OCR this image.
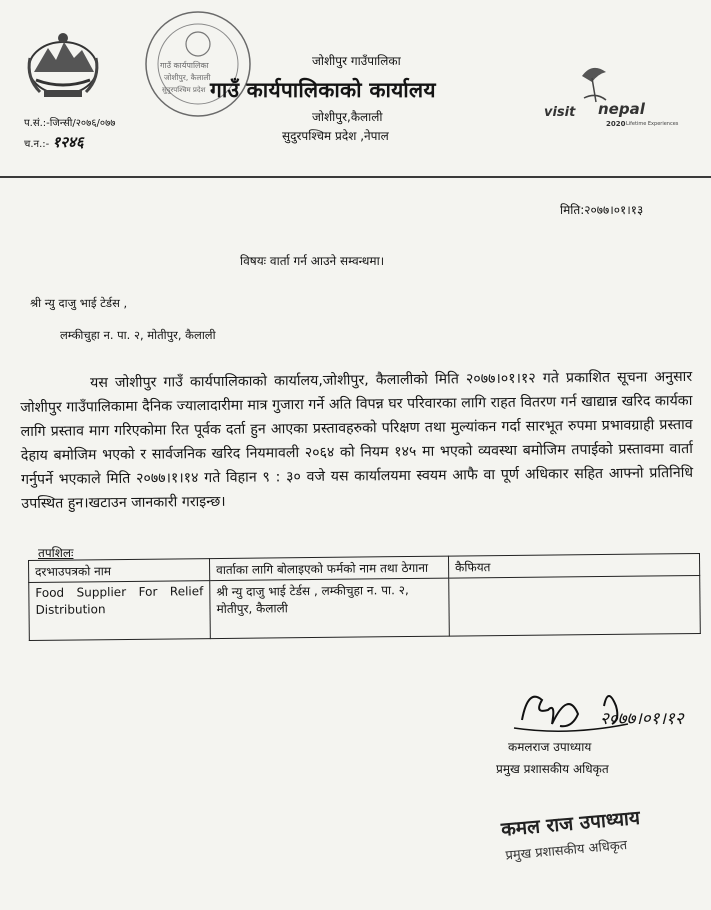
गाउँ कार्यपालिका
जोशीपुर, कैलाली
सुदुरपश्चिम प्रदेश
visit nepal
2020 Lifetime Experiences
जोशीपुर गाउँपालिका
गाउँ कार्यपालिकाको कार्यालय
जोशीपुर,कैलाली
सुदुरपश्चिम प्रदेश ,नेपाल
प.सं.:-जिन्सी/२०७६/०७७
च.न.:- १२४६
मिति:२०७७।०१।१३
विषयः वार्ता गर्न आउने सम्वन्धमा।
श्री न्यु दाजु भाई टेर्डस ,
लम्कीचुहा न. पा. २, मोतीपुर, कैलाली
यस जोशीपुर गाउँ कार्यपालिकाको कार्यालय,जोशीपुर, कैलालीको मिति २०७७।०१।१२ गते प्रकाशित सूचना अनुसार जोशीपुर गाउँपालिकामा दैनिक ज्यालादारीमा मात्र गुजारा गर्ने अति विपन्न घर परिवारका लागि राहत वितरण गर्न खाद्यान्न खरिद कार्यका लागि प्रस्ताव माग गरिएकोमा रित पूर्वक दर्ता हुन आएका प्रस्तावहरुको परिक्षण तथा मुल्यांकन गर्दा सारभूत रुपमा प्रभावग्राही प्रस्ताव देहाय बमोजिम भएको र सार्वजनिक खरिद नियमावली २०६४ को नियम १४५ मा भएको व्यवस्था बमोजिम तपाईको प्रस्तावमा वार्ता गर्नुपर्ने भएकाले मिति २०७७।१।१४ गते विहान ९ : ३० वजे यस कार्यालयमा स्वयम आफै वा पूर्ण अधिकार सहित आफ्नो प्रतिनिधि उपस्थित हुन।खटाउन जानकारी गराइन्छ।
तपशिलः
दरभाउपत्रको नाम	वार्ताका लागि बोलाइएको फर्मको नाम तथा ठेगाना	कैफियत
Food Supplier For Relief Distribution	श्री न्यु दाजु भाई टेर्डस , लम्कीचुहा न. पा. २, मोतीपुर, कैलाली	
२०७७।०१।१२
कमलराज उपाध्याय
प्रमुख प्रशासकीय अधिकृत
कमल राज उपाध्याय
प्रमुख प्रशासकीय अधिकृत
